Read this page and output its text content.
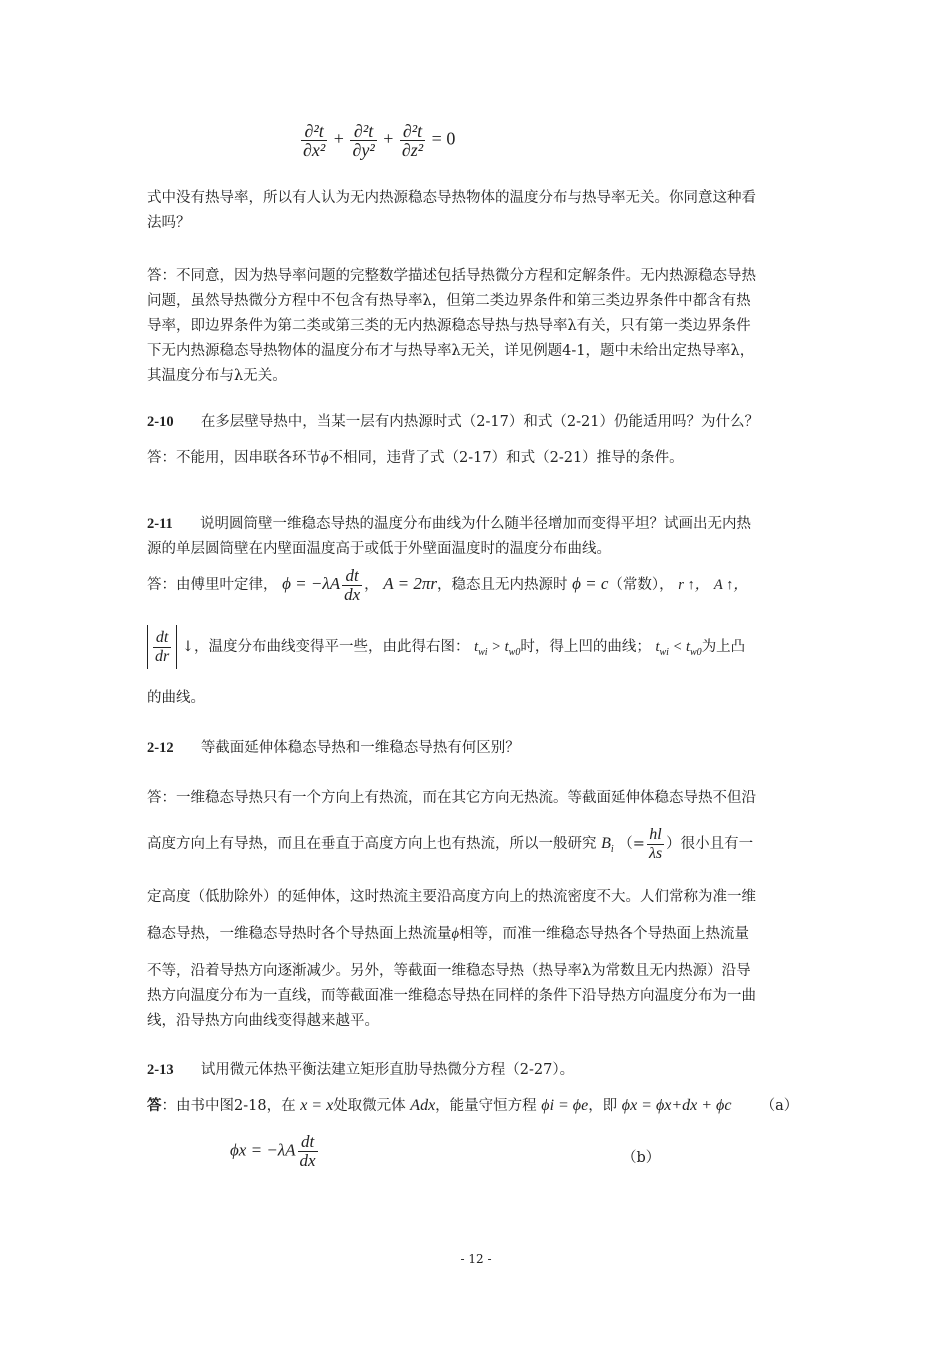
$\frac{\text{∂²t}}{\text{∂x²}} + \frac{\text{∂²t}}{\text{∂y²}} + \frac{\text{∂²t}}{\text{∂z²}} = 0$
式中没有热导率，所以有人认为无内热源稳态导热物体的温度分布与热导率无关。你同意这种看
法吗？
答：不同意，因为热导率问题的完整数学描述包括导热微分方程和定解条件。无内热源稳态导热
问题，虽然导热微分方程中不包含有热导率λ，但第二类边界条件和第三类边界条件中都含有热
导率，即边界条件为第二类或第三类的无内热源稳态导热与热导率λ有关，只有第一类边界条件
下无内热源稳态导热物体的温度分布才与热导率λ无关，详见例题4-1，题中未给出定热导率λ，
其温度分布与λ无关。
2-10 在多层壁导热中，当某一层有内热源时式（2-17）和式（2-21）仍能适用吗？为什么？
答：不能用，因串联各环节ϕ不相同，违背了式（2-17）和式（2-21）推导的条件。
2-11 说明圆筒壁一维稳态导热的温度分布曲线为什么随半径增加而变得平坦？试画出无内热
源的单层圆筒壁在内壁面温度高于或低于外壁面温度时的温度分布曲线。
答：由傅里叶定律， $\phi = -\lambda A \frac{dt}{dx}$ ， A = 2πr，稳态且无内热源时 ϕ = c（常数）， r ↑， A ↑，
$\frac{dt}{dr}$ ↓，温度分布曲线变得平一些，由此得右图： $t_{wi} > t_{w0}$时，得上凹的曲线； $t_{wi} < t_{w0}$为上凸
的曲线。
2-12 等截面延伸体稳态导热和一维稳态导热有何区别？
答：一维稳态导热只有一个方向上有热流，而在其它方向无热流。等截面延伸体稳态导热不但沿
高度方向上有导热，而且在垂直于高度方向上也有热流，所以一般研究 $B_i$ （= $\frac{hl}{\lambda s}$ ）很小且有一
定高度（低肋除外）的延伸体，这时热流主要沿高度方向上的热流密度不大。人们常称为准一维
稳态导热，一维稳态导热时各个导热面上热流量ϕ相等，而准一维稳态导热各个导热面上热流量
不等，沿着导热方向逐渐减少。另外，等截面一维稳态导热（热导率λ为常数且无内热源）沿导
热方向温度分布为一直线，而等截面准一维稳态导热在同样的条件下沿导热方向温度分布为一曲
线，沿导热方向曲线变得越来越平。
2-13 试用微元体热平衡法建立矩形直肋导热微分方程（2-27）。
答：由书中图2-18，在 x = x处取微元体 Adx，能量守恒方程 ϕi = ϕe，即 ϕx = ϕx+dx + ϕc （a）
$\phi x = -\lambda A \frac{dt}{dx}$	（b）
- 12 -
